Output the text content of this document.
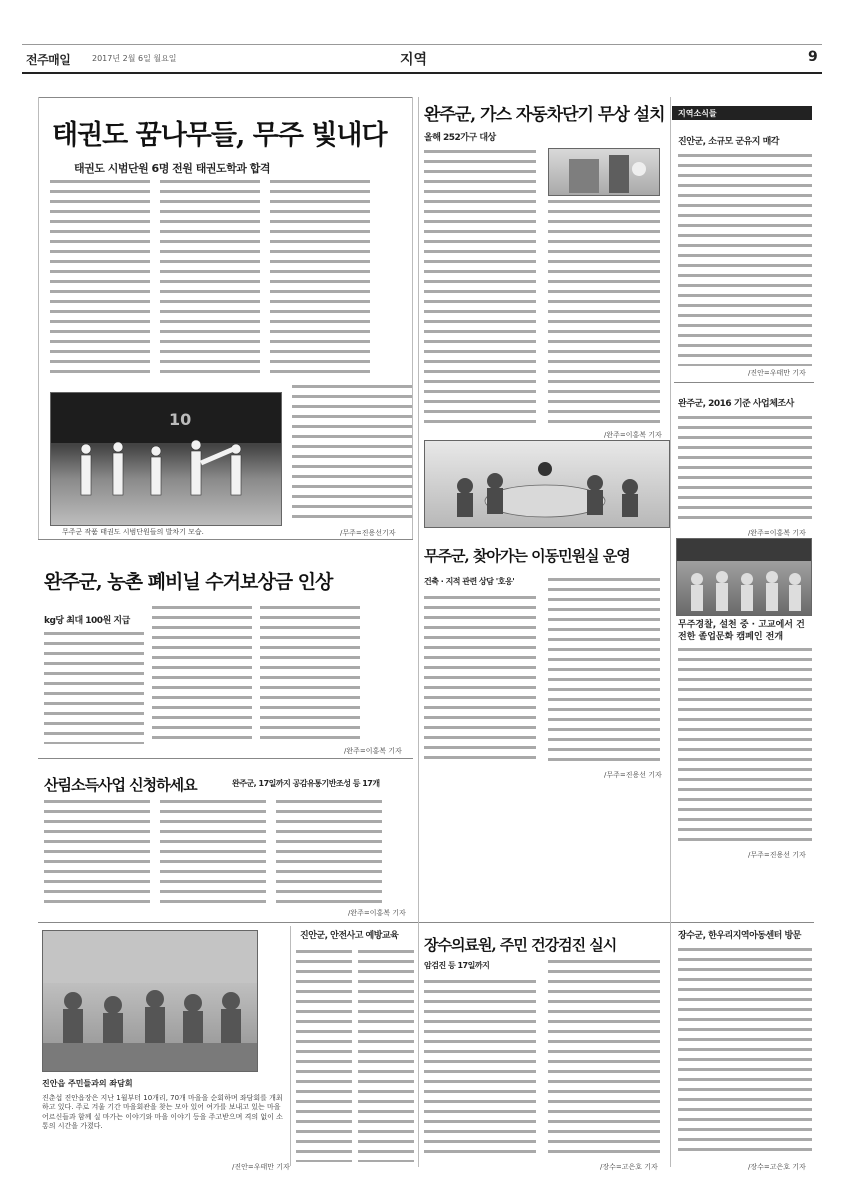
전주매일	2017년 2월 6일 월요일	지역	9
태권도 꿈나무들, 무주 빛내다
태권도 시범단원 6명 전원 태권도학과 합격
10
무주군 작품 태권도 시범단원들의 발차기 모습.	/무주=진용선기자
완주군, 가스 자동차단기 무상 설치
올해 252가구 대상
/완주=이홍복 기자
지역소식들
진안군, 소규모 군유지 매각
/진안=우태만 기자
완주군, 2016 기준 사업체조사
/완주=이홍복 기자
무주군, 찾아가는 이동민원실 운영
건축 · 지적 관련 상담 '호응'
/무주=진용선 기자
무주경찰, 설천 중 · 고교에서 건전한 졸업문화 캠페인 전개
/무주=진용선 기자
완주군, 농촌 폐비닐 수거보상금 인상
kg당 최대 100원 지급
/완주=이홍복 기자
산림소득사업 신청하세요	완주군, 17일까지 공감유통기반조성 등 17개
/완주=이홍복 기자
진안읍 주민들과의 좌담회
진춘섭 진안읍장은 지난 1월부터 10개리, 70개 마을을 순회하며 좌담회를 개최하고 있다. 주로 겨울 기간 마을회관을 찾는 모아 있어 여가를 보내고 있는 마을 어르신들과 함께 실 마가는 이야기와 마을 이야기 등을 주고받으며 격의 없이 소통의 시간을 가졌다.
/진안=우태만 기자
진안군, 안전사고 예방교육 장수의료원, 주민 건강검진 실시
암검진 등 17일까지
/장수=고은호 기자
장수군, 한우리지역아동센터 방문
/장수=고은호 기자
